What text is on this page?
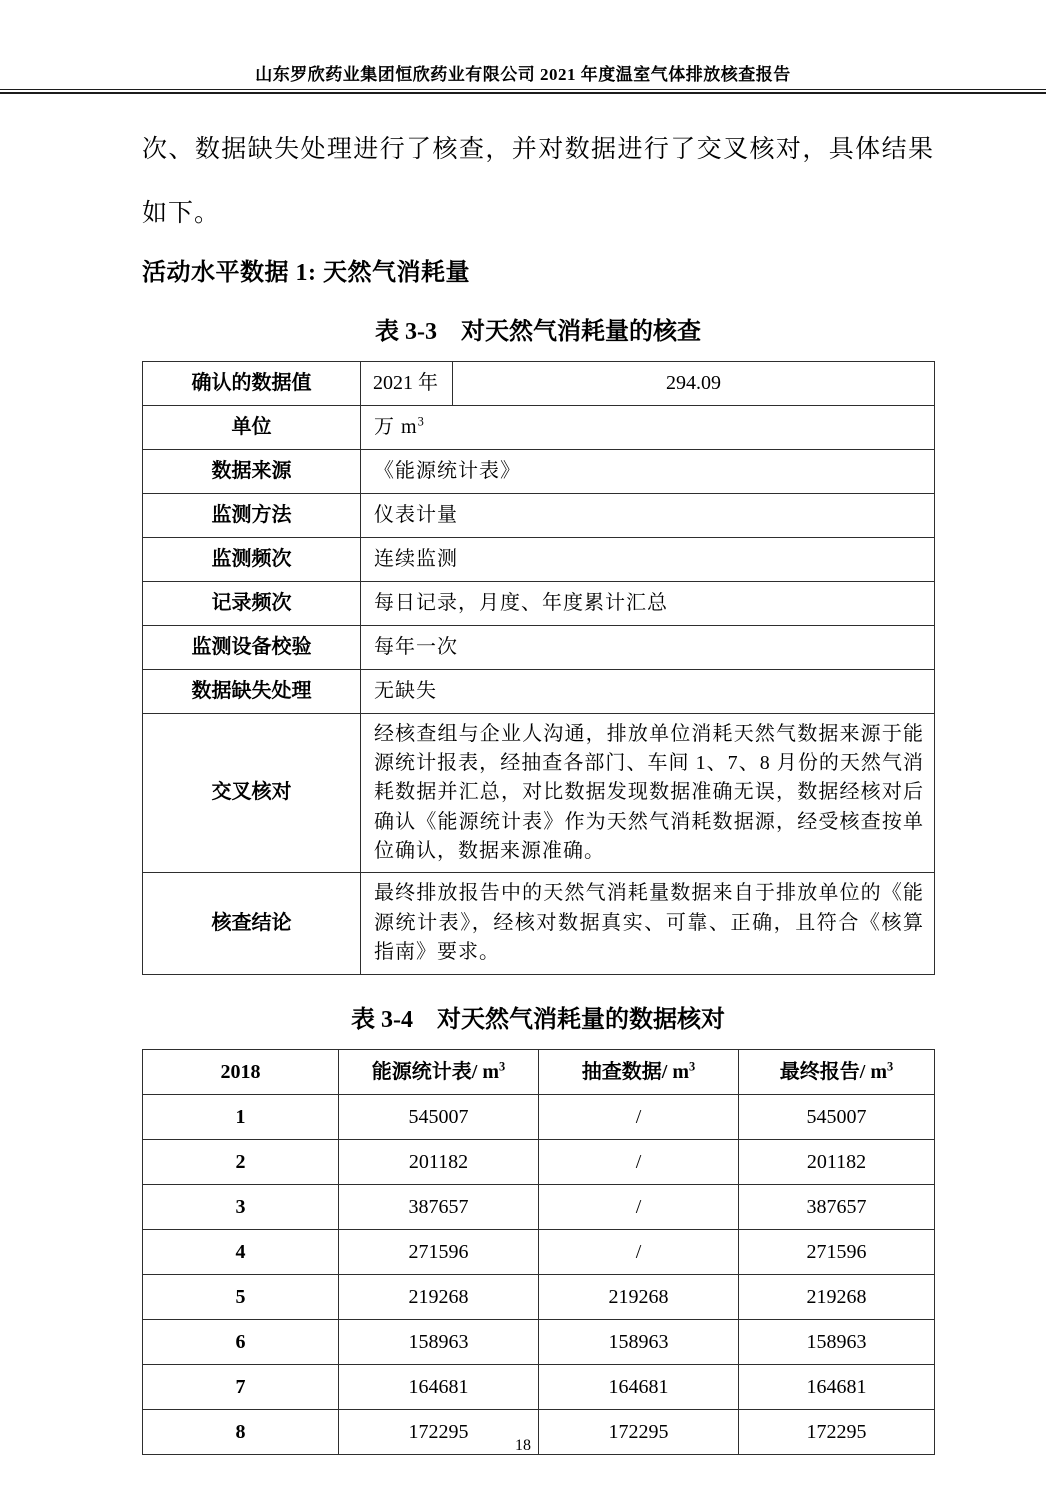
山东罗欣药业集团恒欣药业有限公司 2021 年度温室气体排放核查报告

次、数据缺失处理进行了核查，并对数据进行了交叉核对，具体结果如下。

活动水平数据 1: 天然气消耗量
表 3-3　对天然气消耗量的核查
确认的数据值	2021 年	294.09
单位	万 $m^3$
数据来源	《能源统计表》	
监测方法	仪表计量	
监测频次	连续监测	
记录频次	每日记录，月度、年度累计汇总	
监测设备校验	每年一次	
数据缺失处理	无缺失	
交叉核对	经核查组与企业人沟通，排放单位消耗天然气数据来源于能源统计报表，经抽查各部门、车间 1、7、8 月份的天然气消耗数据并汇总，对比数据发现数据准确无误，数据经核对后确认《能源统计表》作为天然气消耗数据源，经受核查按单位确认，数据来源准确。	
核查结论	最终排放报告中的天然气消耗量数据来自于排放单位的《能源统计表》，经核对数据真实、可靠、正确，且符合《核算指南》要求。	
表 3-4　对天然气消耗量的数据核对
2018	能源统计表/ $m^3$	抽查数据/ $m^3$	最终报告/ $m^3$
1	545007	/	545007
2	201182	/	201182
3	387657	/	387657
4	271596	/	271596
5	219268	219268	219268
6	158963	158963	158963
7	164681	164681	164681
8	172295	172295	172295
18
